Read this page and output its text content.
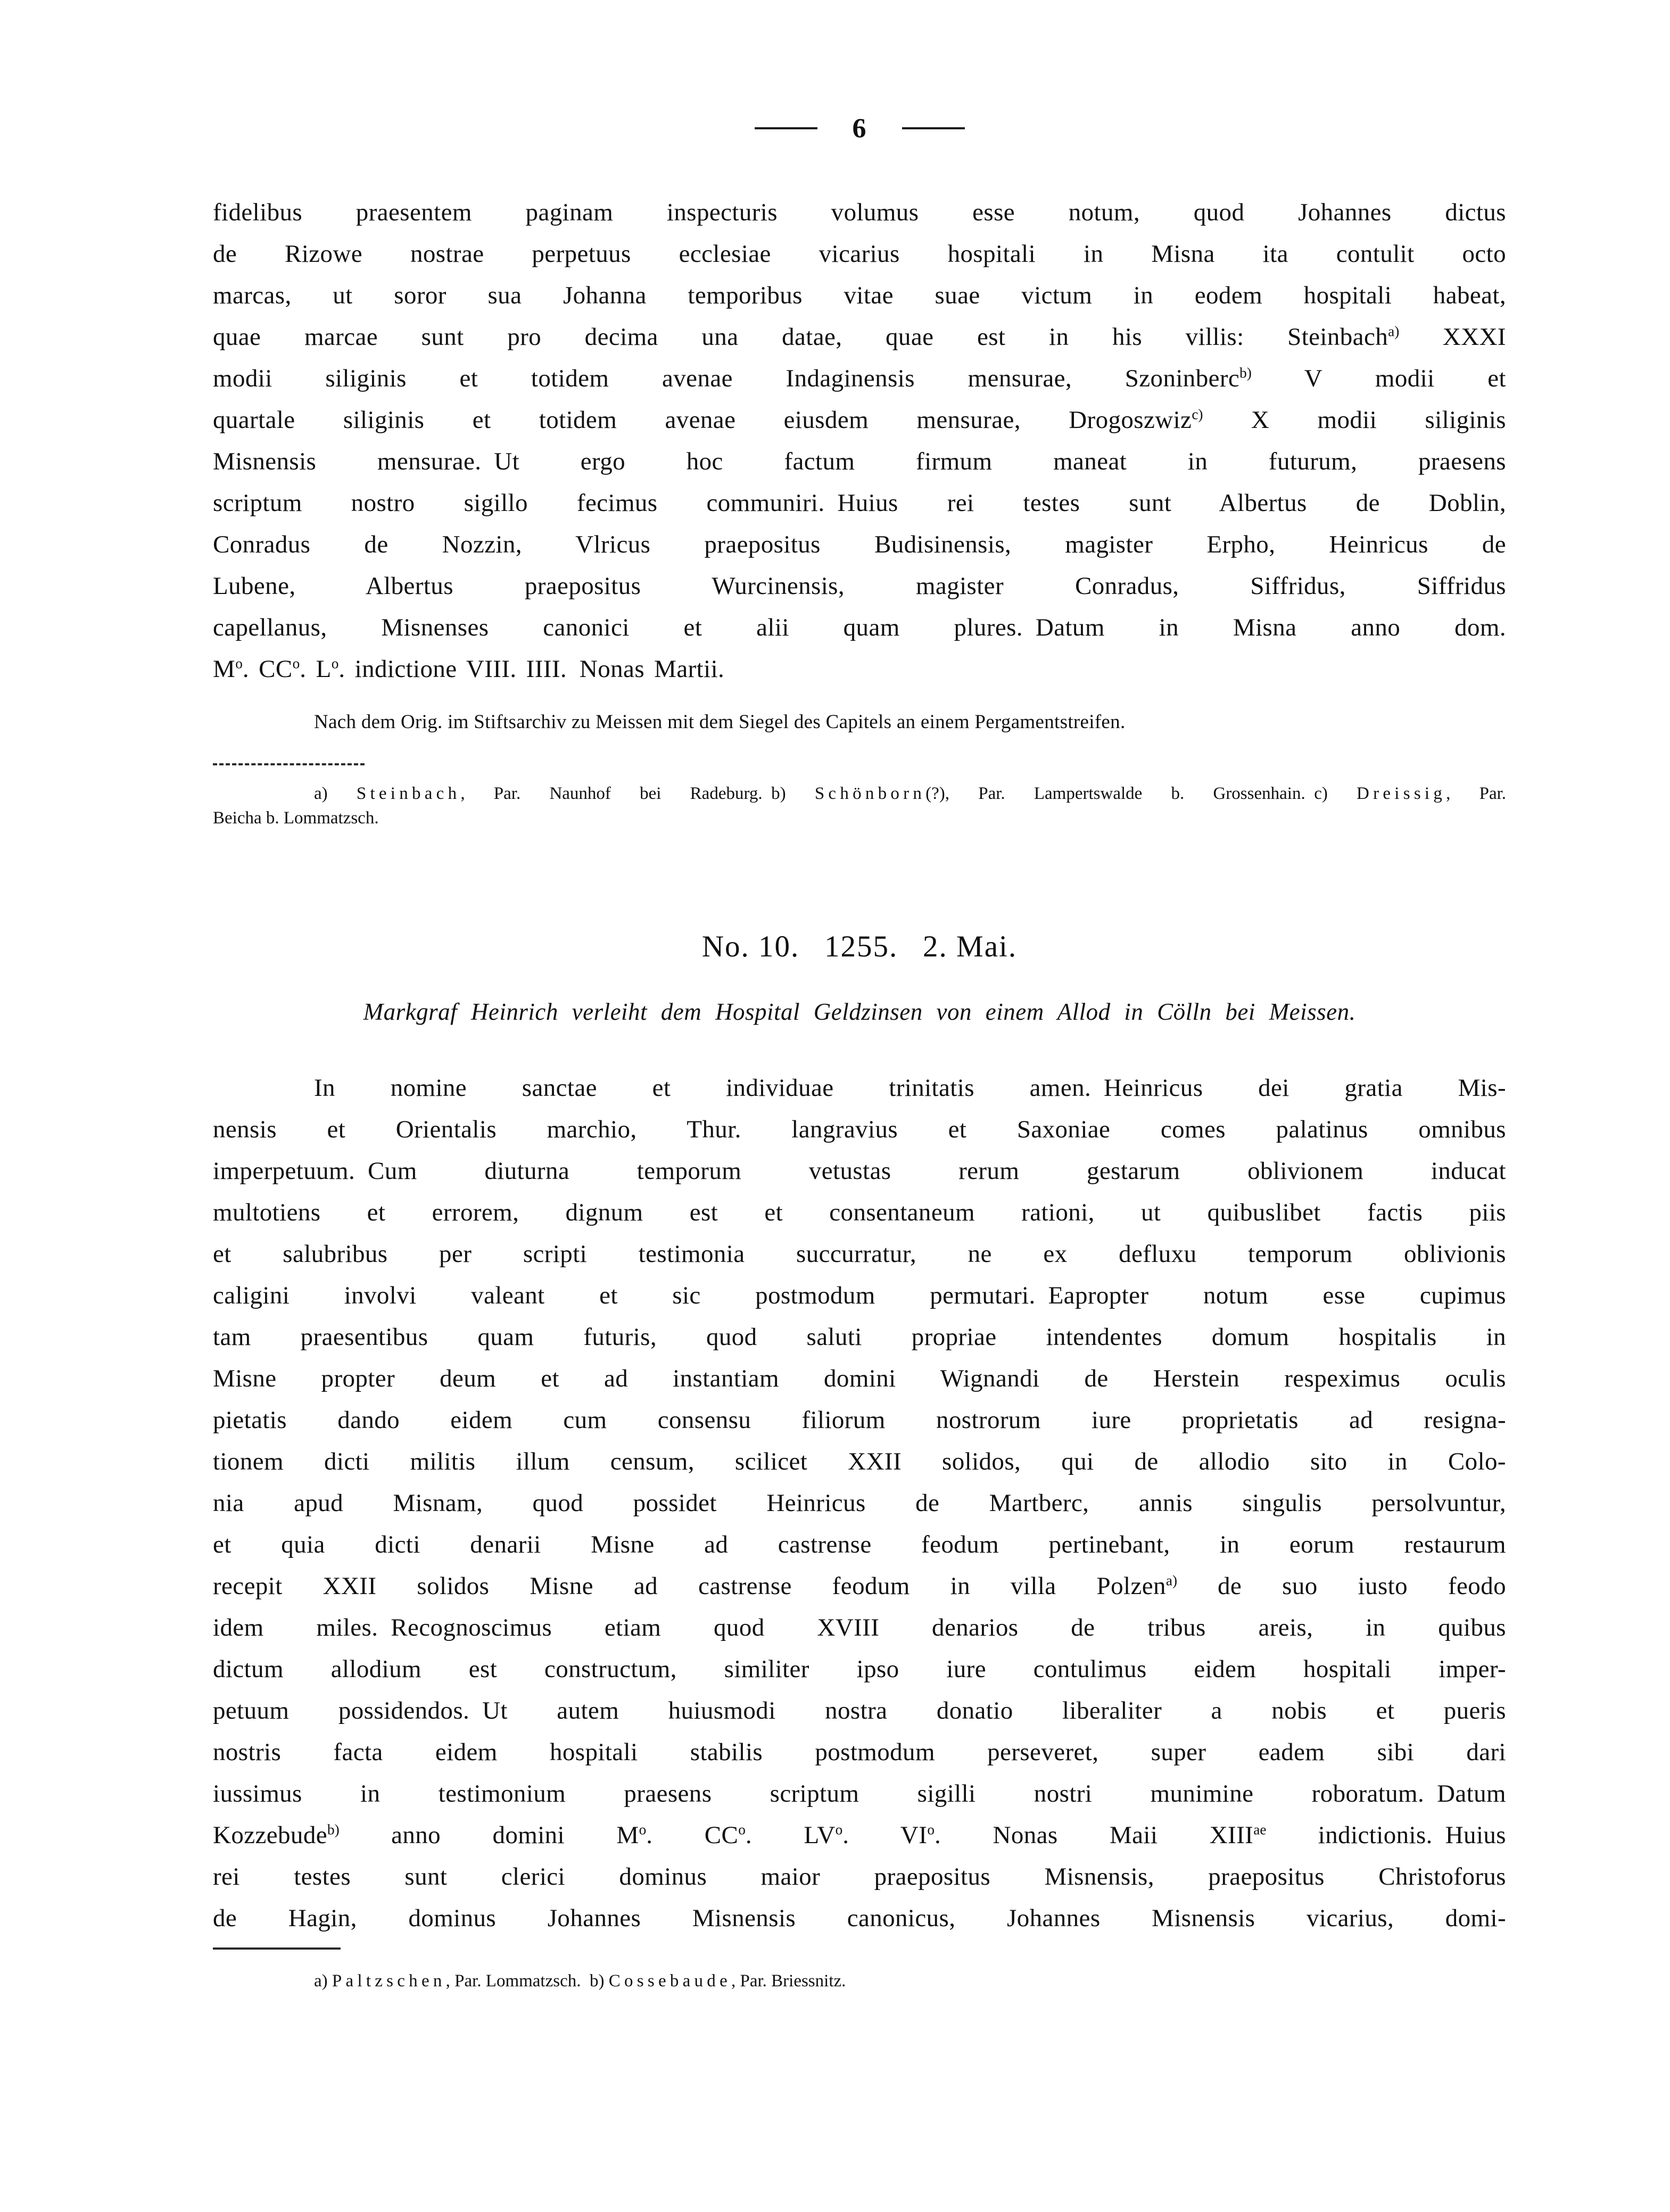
6
fidelibus praesentem paginam inspecturis volumus esse notum, quod Johannes dictus
de Rizowe nostrae perpetuus ecclesiae vicarius hospitali in Misna ita contulit octo
marcas, ut soror sua Johanna temporibus vitae suae victum in eodem hospitali habeat,
quae marcae sunt pro decima una datae, quae est in his villis: Steinbach$^{a)}$ XXXI
modii siliginis et totidem avenae Indaginensis mensurae, Szoninberc$^{b)}$ V modii et
quartale siliginis et totidem avenae eiusdem mensurae, Drogoszwiz$^{c)}$ X modii siliginis
Misnensis mensurae. Ut ergo hoc factum firmum maneat in futurum, praesens
scriptum nostro sigillo fecimus communiri. Huius rei testes sunt Albertus de Doblin,
Conradus de Nozzin, Vlricus praepositus Budisinensis, magister Erpho, Heinricus de
Lubene, Albertus praepositus Wurcinensis, magister Conradus, Siffridus, Siffridus
capellanus, Misnenses canonici et alii quam plures. Datum in Misna anno dom.
$M^o$. $CC^o$. $L^o$. indictione VIII. IIII. Nonas Martii.
Nach dem Orig. im Stiftsarchiv zu Meissen mit dem Siegel des Capitels an einem Pergamentstreifen.
a) Steinbach, Par. Naunhof bei Radeburg. b) Schönborn(?), Par. Lampertswalde b. Grossenhain. c) Dreissig, Par.
Beicha b. Lommatzsch.
No. 10.  1255.  2. Mai.
Markgraf Heinrich verleiht dem Hospital Geldzinsen von einem Allod in Cölln bei Meissen.
In nomine sanctae et individuae trinitatis amen. Heinricus dei gratia Mis-
nensis et Orientalis marchio, Thur. langravius et Saxoniae comes palatinus omnibus
imperpetuum. Cum diuturna temporum vetustas rerum gestarum oblivionem inducat
multotiens et errorem, dignum est et consentaneum rationi, ut quibuslibet factis piis
et salubribus per scripti testimonia succurratur, ne ex defluxu temporum oblivionis
caligini involvi valeant et sic postmodum permutari. Eapropter notum esse cupimus
tam praesentibus quam futuris, quod saluti propriae intendentes domum hospitalis in
Misne propter deum et ad instantiam domini Wignandi de Herstein respeximus oculis
pietatis dando eidem cum consensu filiorum nostrorum iure proprietatis ad resigna-
tionem dicti militis illum censum, scilicet XXII solidos, qui de allodio sito in Colo-
nia apud Misnam, quod possidet Heinricus de Martberc, annis singulis persolvuntur,
et quia dicti denarii Misne ad castrense feodum pertinebant, in eorum restaurum
recepit XXII solidos Misne ad castrense feodum in villa Polzen$^{a)}$ de suo iusto feodo
idem miles. Recognoscimus etiam quod XVIII denarios de tribus areis, in quibus
dictum allodium est constructum, similiter ipso iure contulimus eidem hospitali imper-
petuum possidendos. Ut autem huiusmodi nostra donatio liberaliter a nobis et pueris
nostris facta eidem hospitali stabilis postmodum perseveret, super eadem sibi dari
iussimus in testimonium praesens scriptum sigilli nostri munimine roboratum. Datum
Kozzebude$^{b)}$ anno domini $M^o$. $CC^o$. $LV^o$. $VI^o$. Nonas Maii $XIII^{ae}$ indictionis. Huius
rei testes sunt clerici dominus maior praepositus Misnensis, praepositus Christoforus
de Hagin, dominus Johannes Misnensis canonicus, Johannes Misnensis vicarius, domi-
a) Paltzschen, Par. Lommatzsch. b) Cossebaude, Par. Briessnitz.
